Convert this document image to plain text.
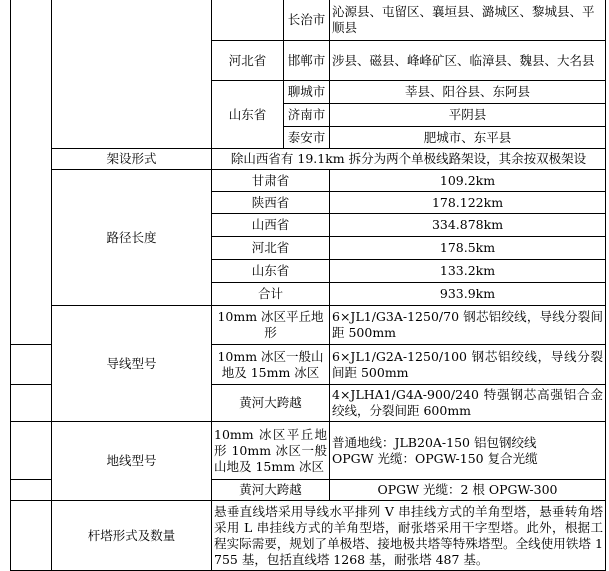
			长治市	沁源县、屯留区、襄垣县、潞城区、黎城县、平顺县
		河北省	邯郸市	涉县、磁县、峰峰矿区、临漳县、魏县、大名县
		山东省	聊城市	莘县、阳谷县、东阿县
			济南市	平阴县
			泰安市	肥城市、东平县
	架设形式	除山西省有 19.1km 拆分为两个单极线路架设，其余按双极架设		
	路径长度	甘肃省		109.2km
		陕西省		178.122km
		山西省		334.878km
		河北省		178.5km
		山东省		133.2km
		合计		933.9km
	导线型号	10mm 冰区平丘地形		6×JL1/G3A-1250/70 钢芯铝绞线，导线分裂间距 500mm
		10mm 冰区一般山地及 15mm 冰区		6×JL1/G2A-1250/100 钢芯铝绞线，导线分裂间距 500mm
		黄河大跨越		4×JLHA1/G4A-900/240 特强钢芯高强铝合金绞线，分裂间距 600mm
	地线型号	10mm 冰区平丘地形 10mm 冰区一般山地及 15mm 冰区		普通地线：JLB20A-150 铝包钢绞线
OPGW 光缆：OPGW-150 复合光缆

		黄河大跨越		OPGW 光缆：2 根 OPGW-300
	杆塔形式及数量	悬垂直线塔采用导线水平排列 V 串挂线方式的羊角型塔，悬垂转角塔采用 L 串挂线方式的羊角型塔，耐张塔采用干字型塔。此外，根据工程实际需要，规划了单极塔、接地极共塔等特殊塔型。全线使用铁塔 1755 基，包括直线塔 1268 基，耐张塔 487 基。		
